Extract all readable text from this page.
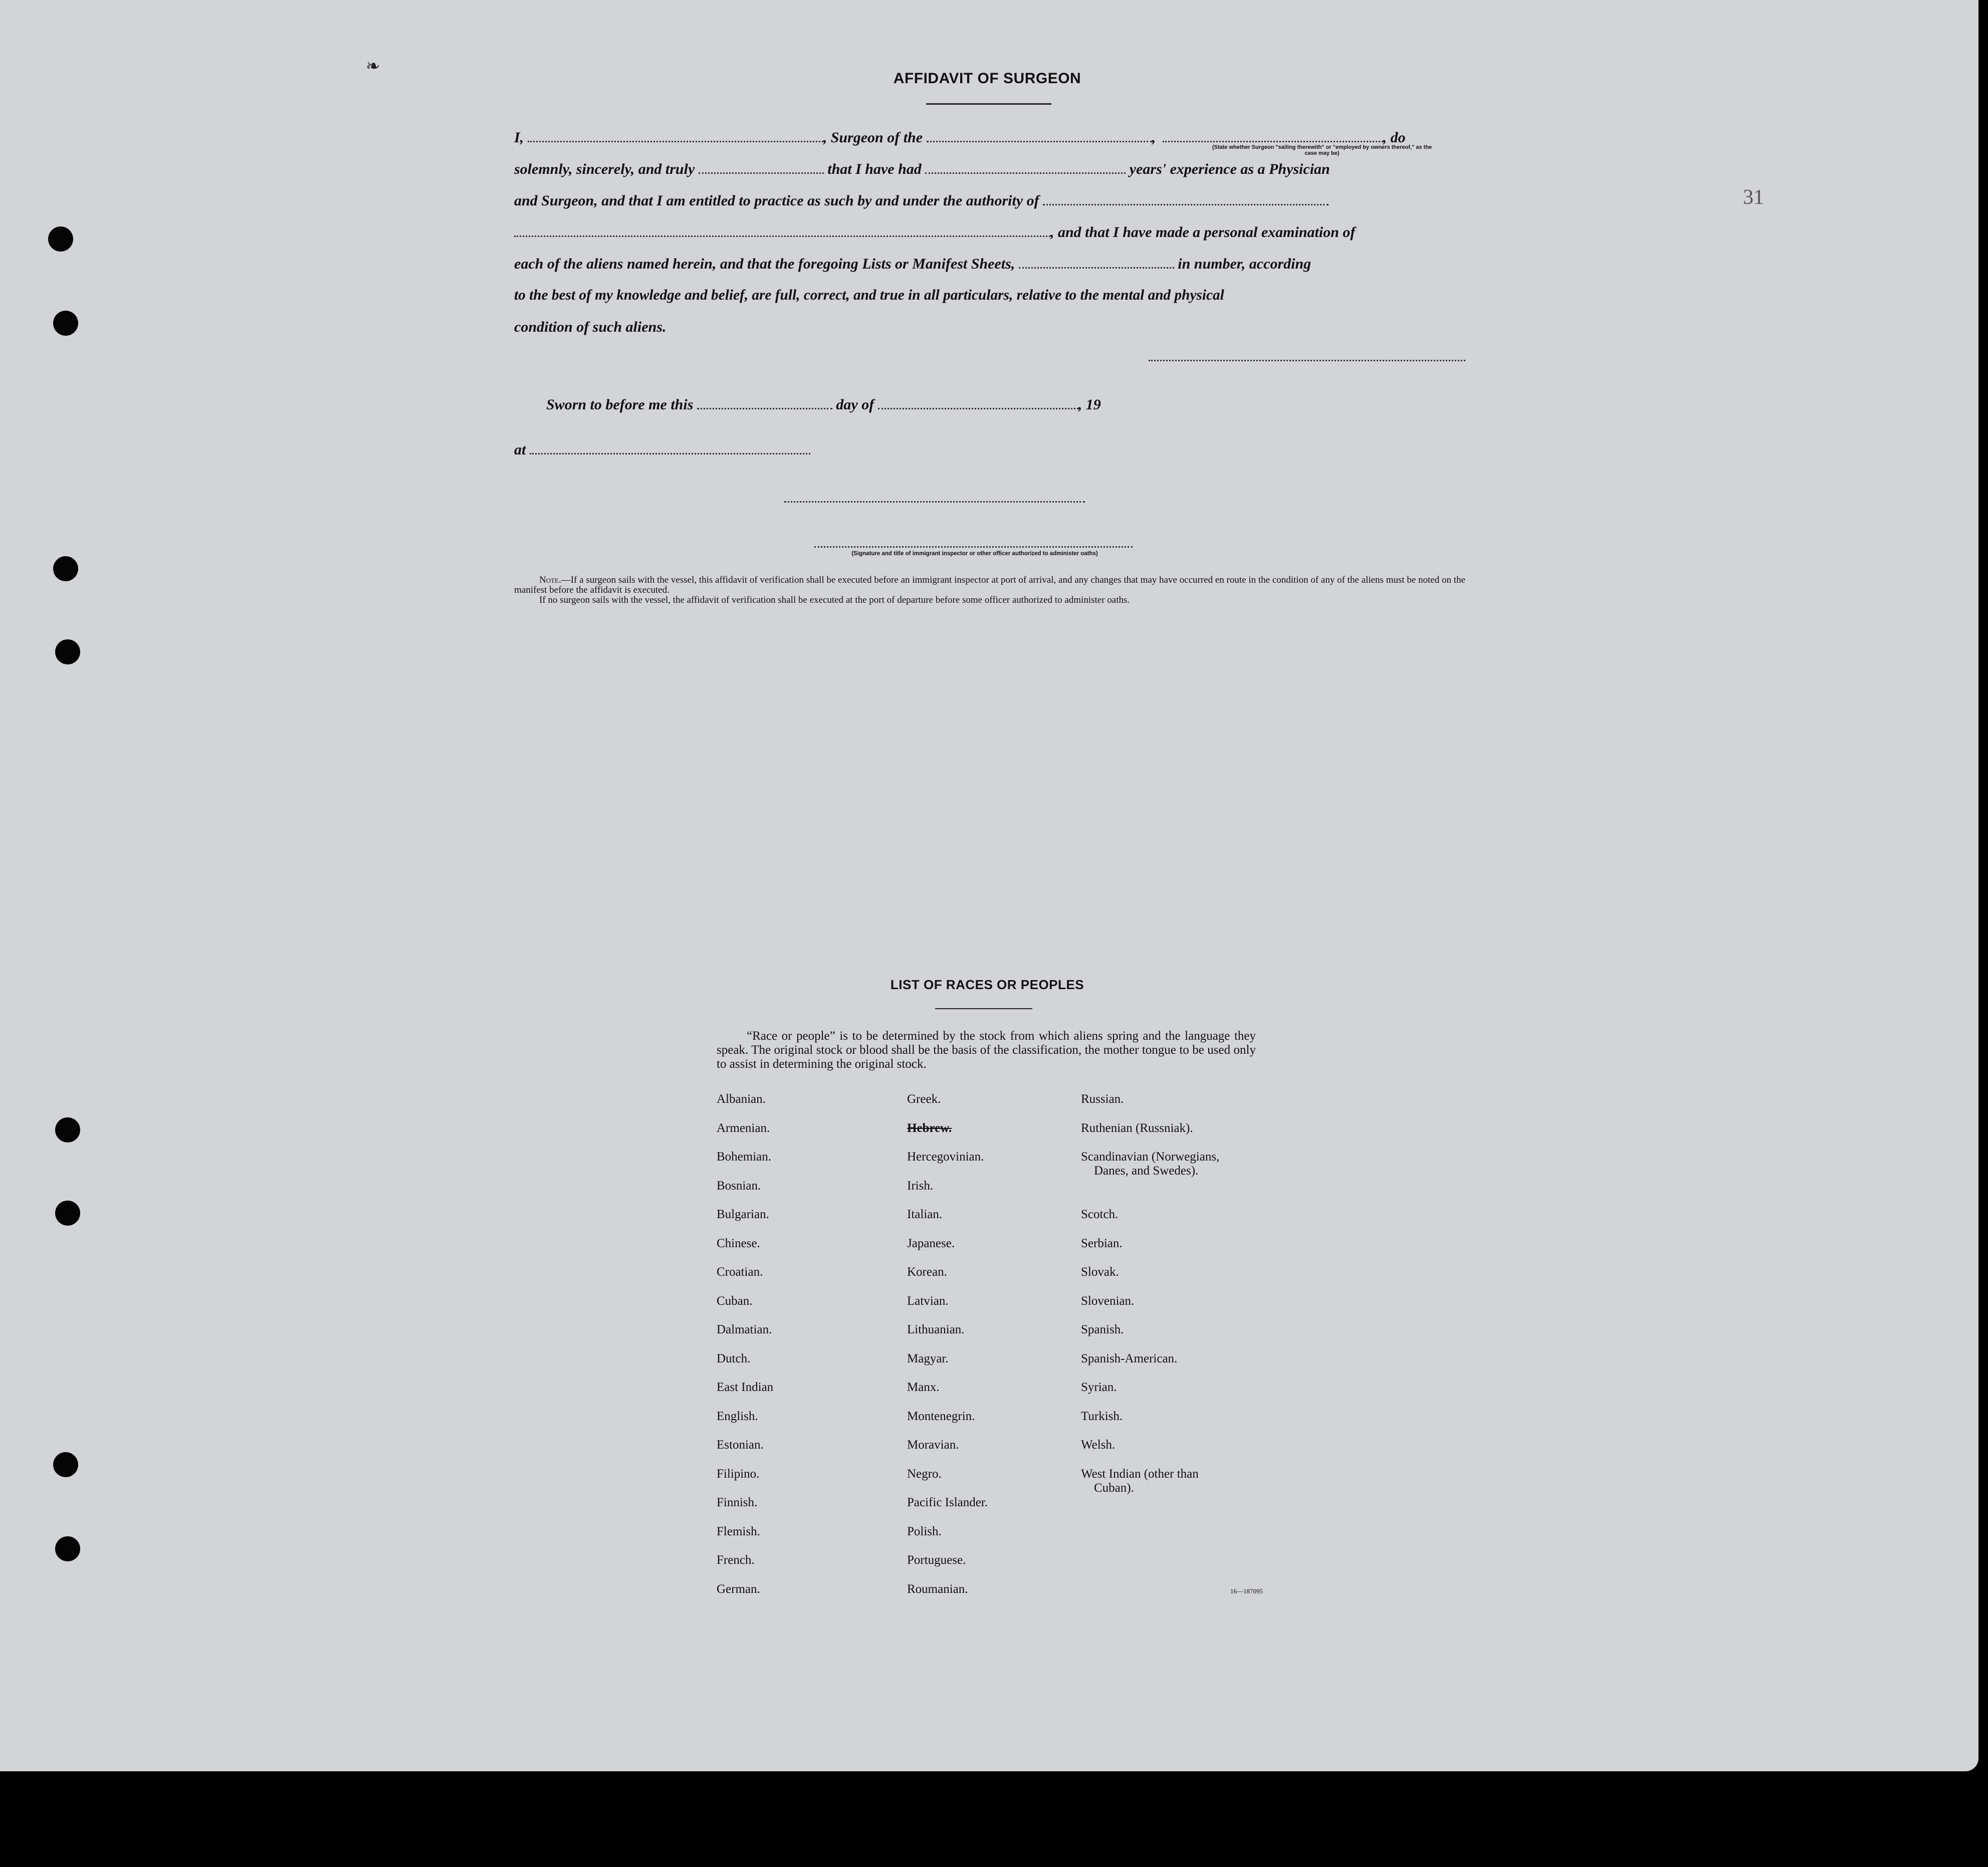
❧
31
AFFIDAVIT OF SURGEON
I,	, Surgeon of the	,	, do
(State whether Surgeon "sailing therewith" or "employed by owners thereof," as the case may be)
solemnly, sincerely, and truly	that I have had	years' experience as a Physician
and Surgeon, and that I am entitled to practice as such by and under the authority of
, and that I have made a personal examination of
each of the aliens named herein, and that the foregoing Lists or Manifest Sheets,	in number, according
to the best of my knowledge and belief, are full, correct, and true in all particulars, relative to the mental and physical
condition of such aliens.
Sworn to before me this	day of	, 19
at
(Signature and title of immigrant inspector or other officer authorized to administer oaths)
Note.—If a surgeon sails with the vessel, this affidavit of verification shall be executed before an immigrant inspector at port of arrival, and any changes that may have occurred en route in the condition of any of the aliens must be noted on the manifest before the affidavit is executed.
If no surgeon sails with the vessel, the affidavit of verification shall be executed at the port of departure before some officer authorized to administer oaths.
LIST OF RACES OR PEOPLES
“Race or people” is to be determined by the stock from which aliens spring and the language they speak. The original stock or blood shall be the basis of the classification, the mother tongue to be used only to assist in determining the original stock.
Albanian.
Armenian.
Bohemian.
Bosnian.
Bulgarian.
Chinese.
Croatian.
Cuban.
Dalmatian.
Dutch.
East Indian
English.
Estonian.
Filipino.
Finnish.
Flemish.
French.
German.
Greek.
Hebrew.
Hercegovinian.
Irish.
Italian.
Japanese.
Korean.
Latvian.
Lithuanian.
Magyar.
Manx.
Montenegrin.
Moravian.
Negro.
Pacific Islander.
Polish.
Portuguese.
Roumanian.
Russian.
Ruthenian (Russniak).
Scandinavian (Norwegians,
Danes, and Swedes).
Scotch.
Serbian.
Slovak.
Slovenian.
Spanish.
Spanish-American.
Syrian.
Turkish.
Welsh.
West Indian (other than
Cuban).
16—187095
